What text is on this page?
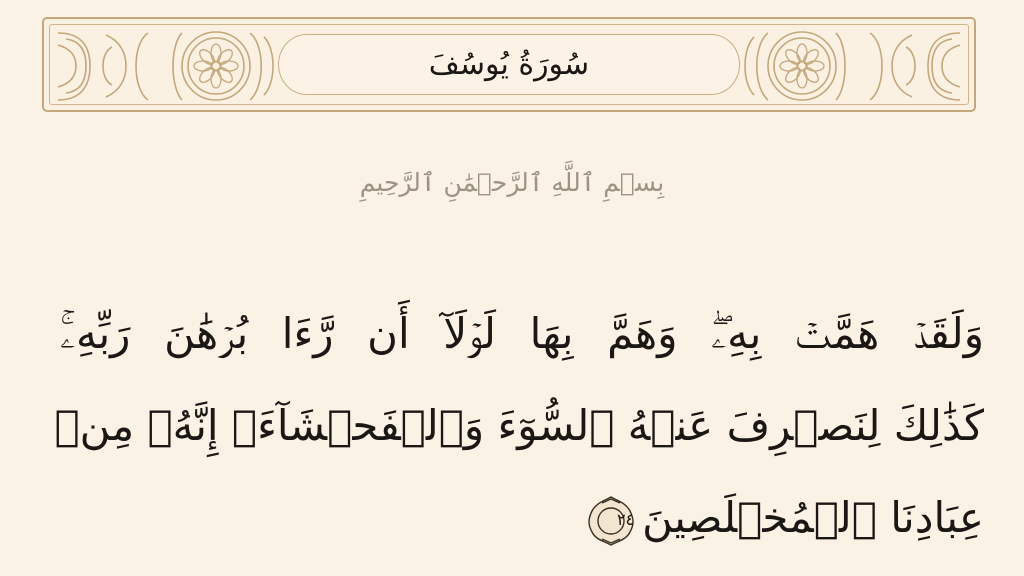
سُورَةُ يُوسُفَ
بِسۡمِ ٱللَّهِ ٱلرَّحۡمَٰنِ ٱلرَّحِيمِ
وَلَقَدۡ هَمَّتۡ بِهِۦۖ وَهَمَّ بِهَا لَوۡلَآ أَن رَّءَا بُرۡهَٰنَ رَبِّهِۦۚ
كَذَٰلِكَ لِنَصۡرِفَ عَنۡهُ ٱلسُّوٓءَ وَٱلۡفَحۡشَآءَۚ إِنَّهُۥ مِنۡ
عِبَادِنَا ٱلۡمُخۡلَصِينَ
٢٤
